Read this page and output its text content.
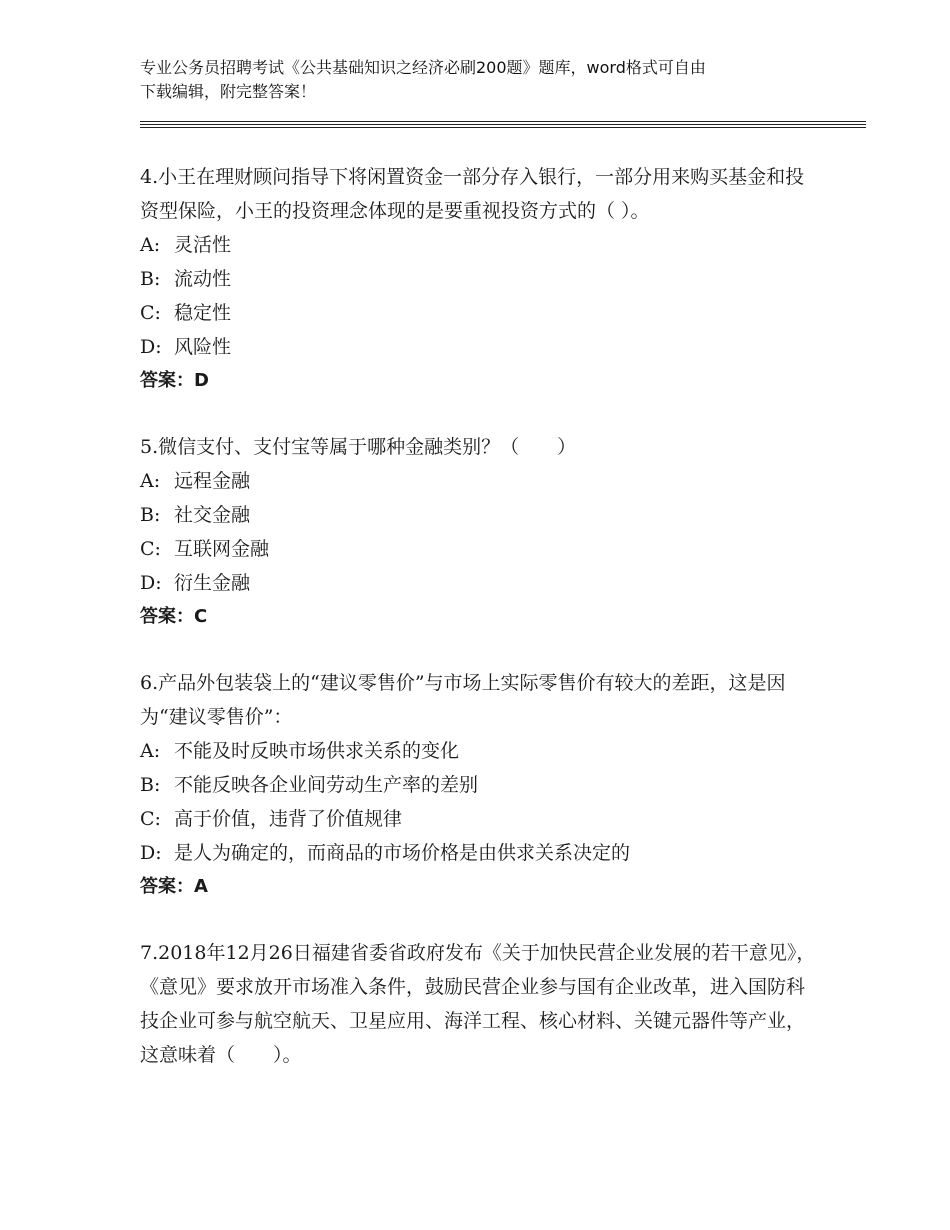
专业公务员招聘考试《公共基础知识之经济必刷200题》题库，word格式可自由
下载编辑，附完整答案！

4.小王在理财顾问指导下将闲置资金一部分存入银行，一部分用来购买基金和投资型保险，小王的投资理念体现的是要重视投资方式的（ ）。

A: 灵活性

B: 流动性

C: 稳定性

D: 风险性

答案：D

5.微信支付、支付宝等属于哪种金融类别？（　　）

A: 远程金融

B: 社交金融

C: 互联网金融

D: 衍生金融

答案：C

6.产品外包装袋上的“建议零售价”与市场上实际零售价有较大的差距，这是因为“建议零售价”：

A: 不能及时反映市场供求关系的变化

B: 不能反映各企业间劳动生产率的差别

C: 高于价值，违背了价值规律

D: 是人为确定的，而商品的市场价格是由供求关系决定的

答案：A

7.2018年12月26日福建省委省政府发布《关于加快民营企业发展的若干意见》，《意见》要求放开市场准入条件，鼓励民营企业参与国有企业改革，进入国防科技企业可参与航空航天、卫星应用、海洋工程、核心材料、关键元器件等产业，这意味着（　　）。
